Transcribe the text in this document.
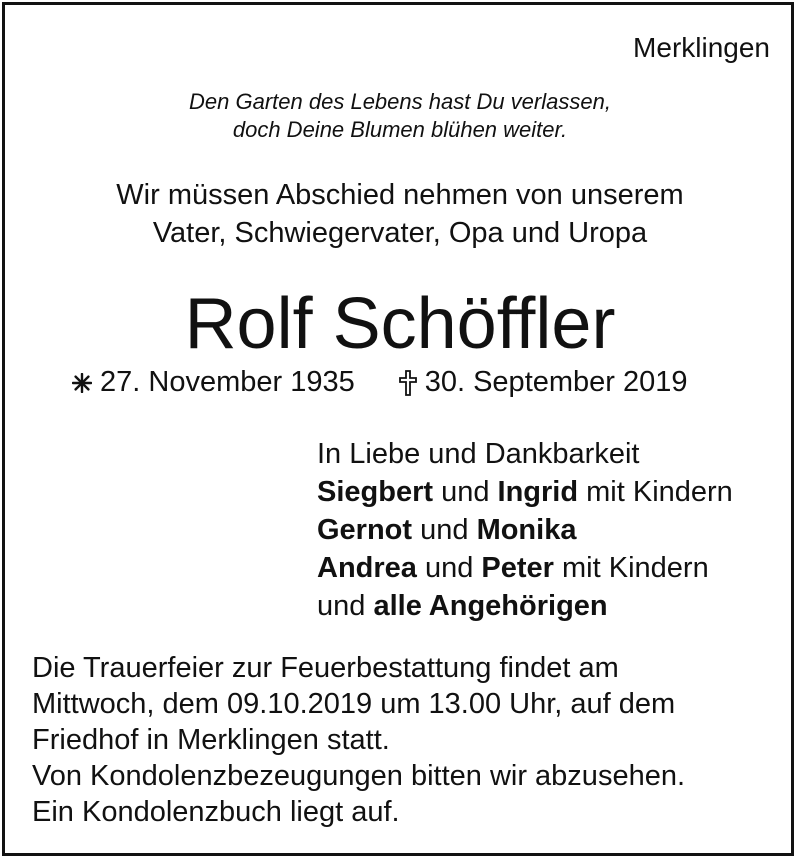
Merklingen
Den Garten des Lebens hast Du verlassen,
doch Deine Blumen blühen weiter.
Wir müssen Abschied nehmen von unserem
Vater, Schwiegervater, Opa und Uropa
Rolf Schöffler
27. November 1935 30. September 2019
In Liebe und Dankbarkeit
Siegbert und Ingrid mit Kindern
Gernot und Monika
Andrea und Peter mit Kindern
und alle Angehörigen
Die Trauerfeier zur Feuerbestattung findet am
Mittwoch, dem 09.10.2019 um 13.00 Uhr, auf dem
Friedhof in Merklingen statt.
Von Kondolenzbezeugungen bitten wir abzusehen.
Ein Kondolenzbuch liegt auf.
